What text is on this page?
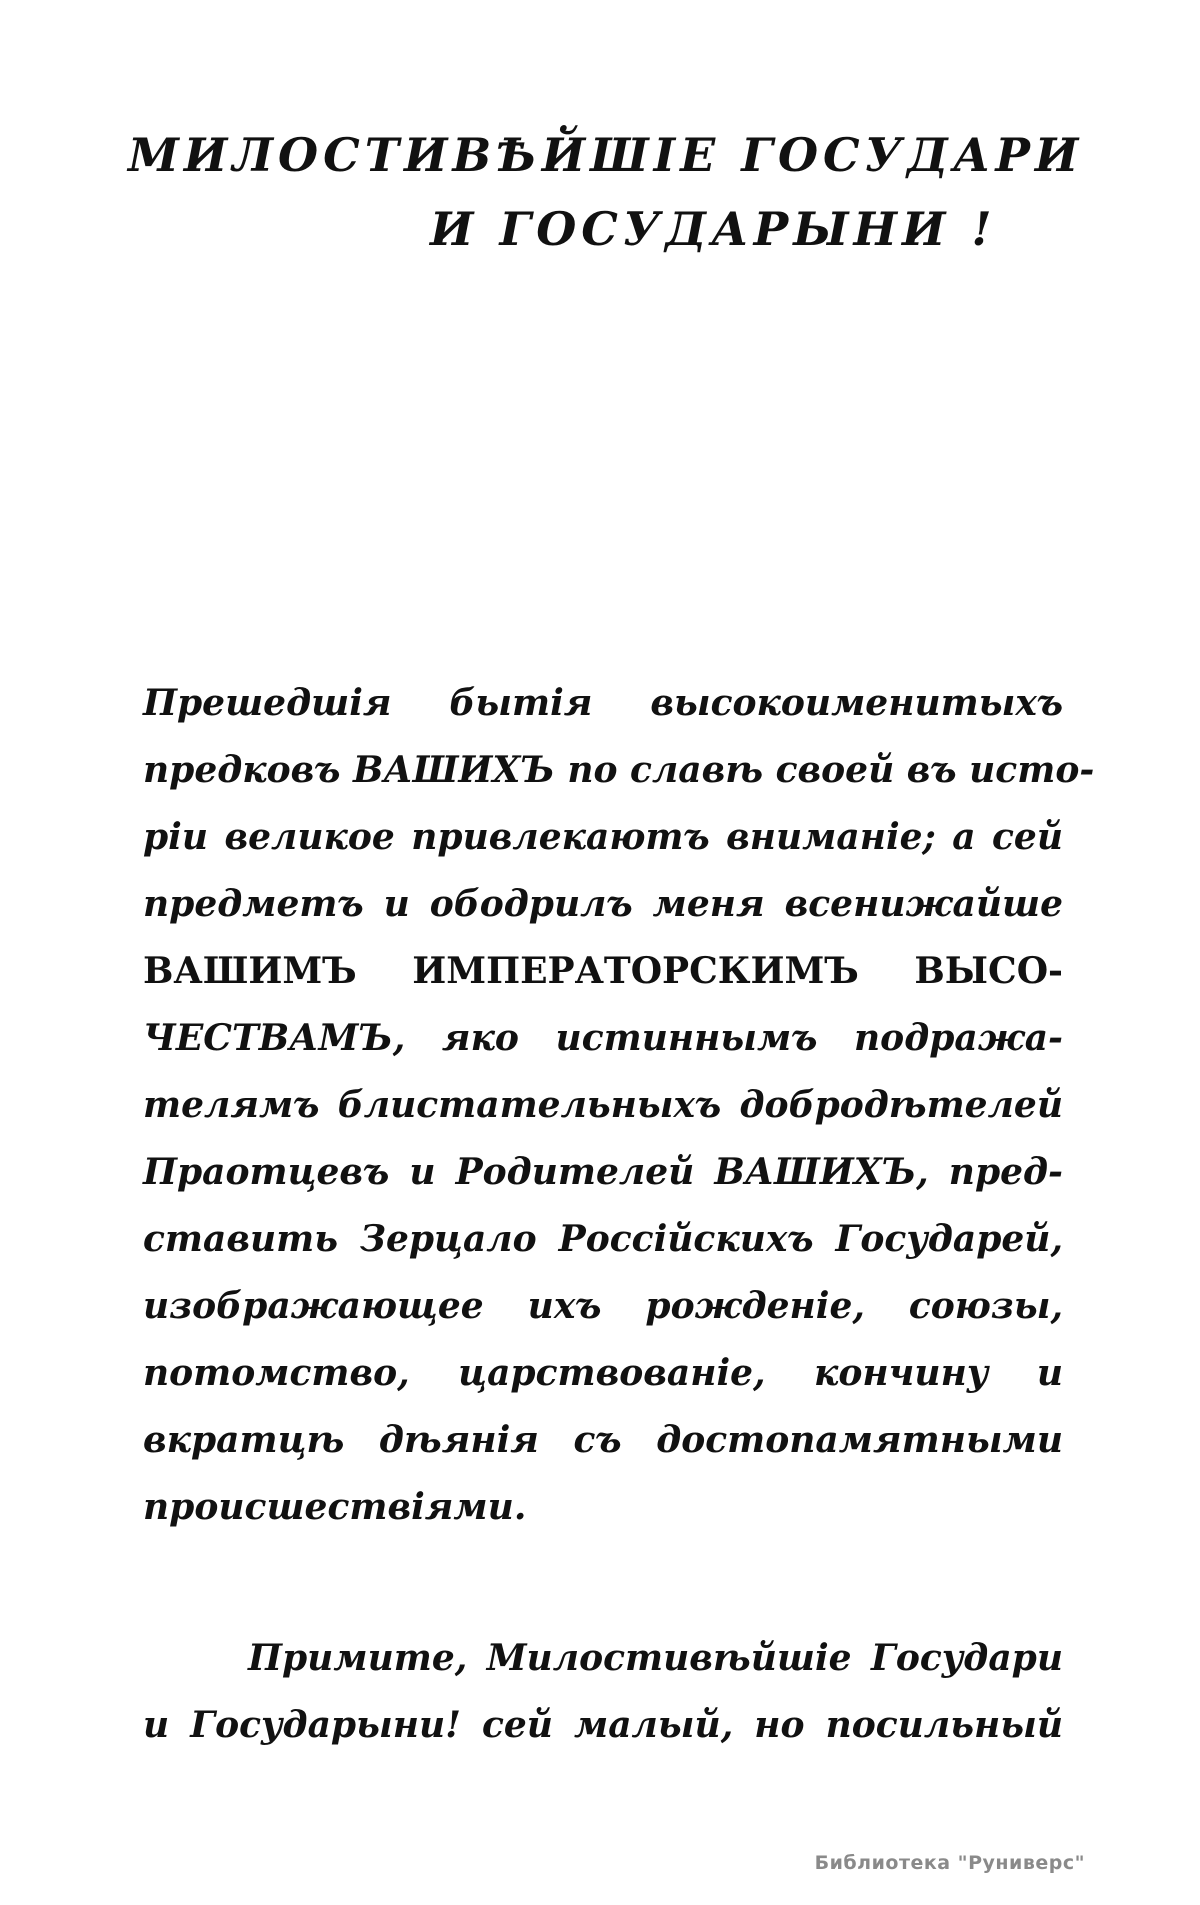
МИЛОСТИВѢЙШІЕ ГОСУДАРИ
И ГОСУДАРЫНИ !
Прешедшія бытія высокоименитыхъ
предковъ ВАШИХЪ по славѣ своей въ исто-
ріи великое привлекаютъ вниманіе; а сей
предметъ и ободрилъ меня всенижайше
ВАШИМЪ ИМПЕРАТОРСКИМЪ ВЫСО-
ЧЕСТВАМЪ, яко истиннымъ подража-
телямъ блистательныхъ добродѣтелей
Праотцевъ и Родителей ВАШИХЪ, пред-
ставить Зерцало Россійскихъ Государей,
изображающее ихъ рожденіе, союзы,
потомство, царствованіе, кончину и
вкратцѣ дѣянія съ достопамятными
происшествіями.
Примите, Милостивѣйшіе Государи
и Государыни! сей малый, но посильный
Библиотека "Руниверс"
